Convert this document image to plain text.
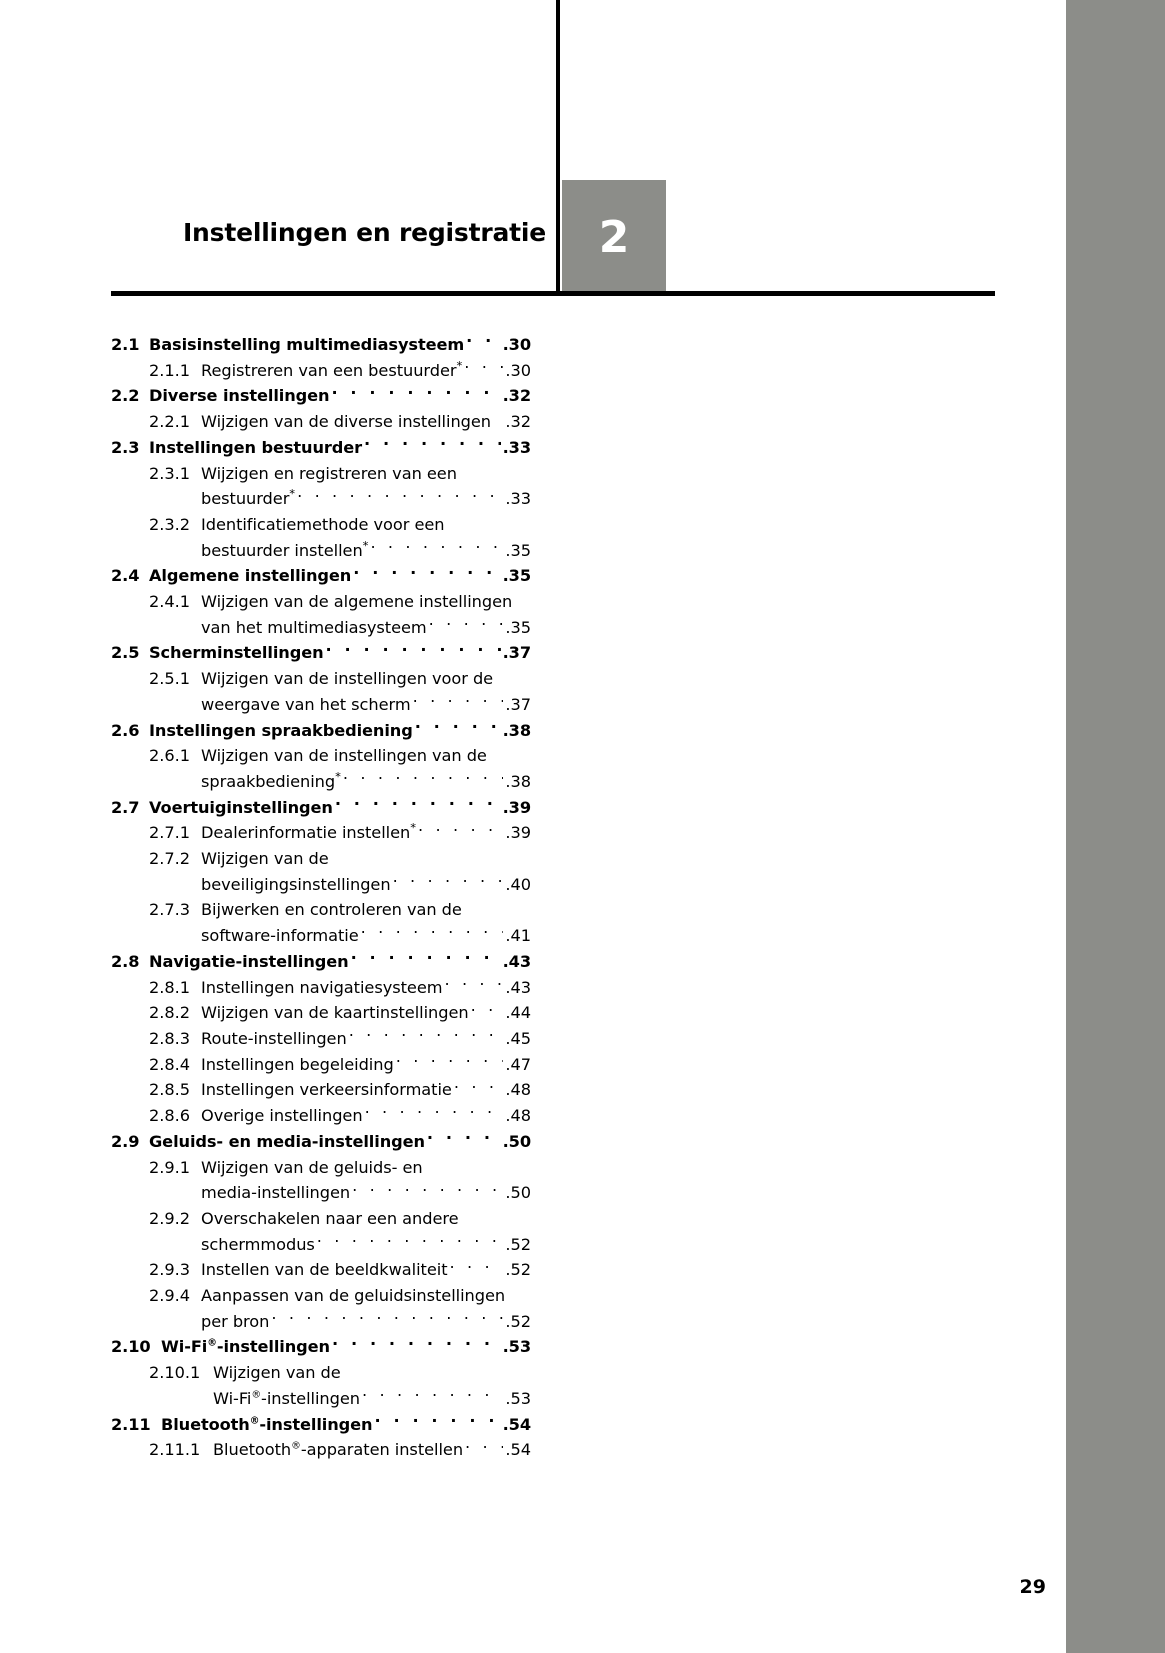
Instellingen en registratie 2
2.1 Basisinstelling multimediasysteem . . . .30
2.1.1 Registreren van een bestuurder* . . .	.30
2.2 Diverse instellingen . . .	.32
2.2.1 Wijzigen van de diverse instellingen .32
2.3 Instellingen bestuurder . . .	.33
2.3.1 Wijzigen en registreren van een
bestuurder* . . .	.33
2.3.2 Identificatiemethode voor een
bestuurder instellen* . . .	.35
2.4 Algemene instellingen . . .	.35
2.4.1 Wijzigen van de algemene instellingen
van het multimediasysteem . . .	.35
2.5 Scherminstellingen . . .	.37
2.5.1 Wijzigen van de instellingen voor de
weergave van het scherm . . .	.37
2.6 Instellingen spraakbediening . . .	.38
2.6.1 Wijzigen van de instellingen van de
spraakbediening* . . .	.38
2.7 Voertuiginstellingen . . .	.39
2.7.1 Dealerinformatie instellen* . . .	.39
2.7.2 Wijzigen van de
beveiligingsinstellingen . . .	.40
2.7.3 Bijwerken en controleren van de
software-informatie . . .	.41
2.8 Navigatie-instellingen . . .	.43
2.8.1 Instellingen navigatiesysteem . . .	.43
2.8.2 Wijzigen van de kaartinstellingen . . . .44
2.8.3 Route-instellingen . . .	.45
2.8.4 Instellingen begeleiding . . .	.47
2.8.5 Instellingen verkeersinformatie . . .	.48
2.8.6 Overige instellingen . . .	.48
2.9 Geluids- en media-instellingen . . .	.50
2.9.1 Wijzigen van de geluids- en
media-instellingen . . .	.50
2.9.2 Overschakelen naar een andere
schermmodus . . .	.52
2.9.3 Instellen van de beeldkwaliteit . . .	.52
2.9.4 Aanpassen van de geluidsinstellingen
per bron . . .	.52
2.10 Wi-Fi®-instellingen . . .	.53
2.10.1 Wijzigen van de
Wi-Fi®-instellingen . . .	.53
2.11 Bluetooth®-instellingen . . .	.54
2.11.1 Bluetooth®-apparaten instellen . . .	.54
29
